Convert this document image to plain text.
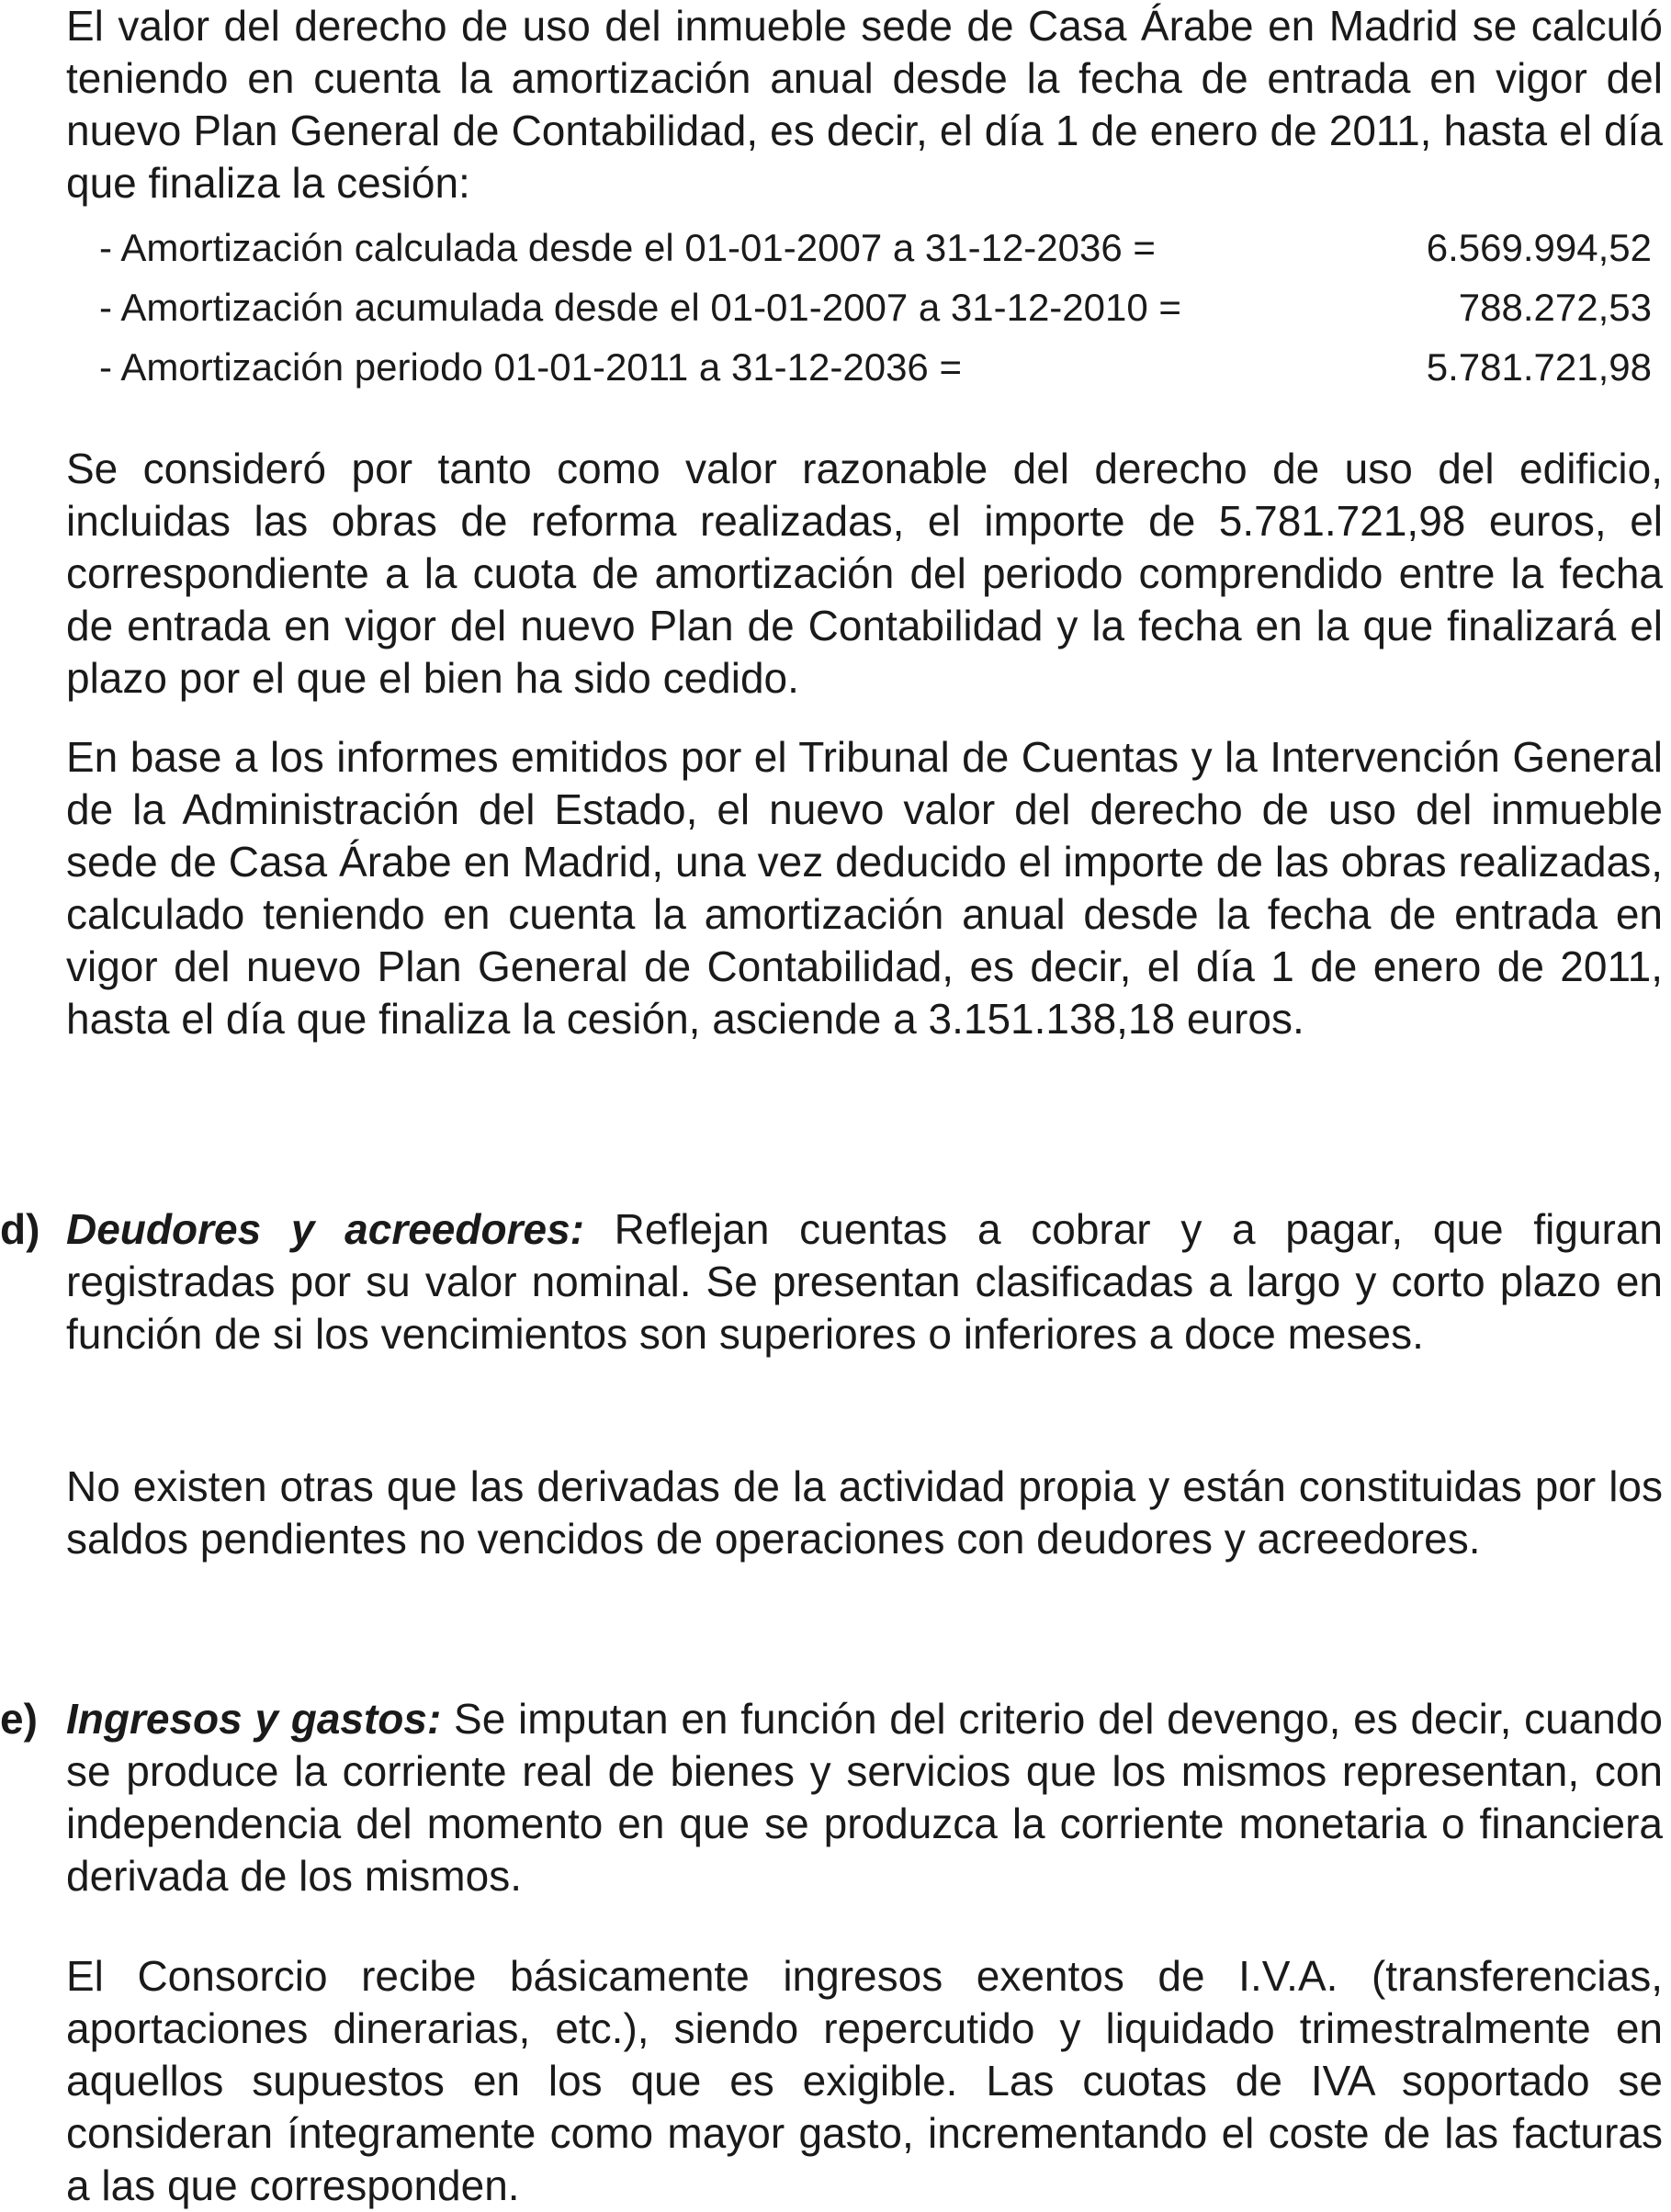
El valor del derecho de uso del inmueble sede de Casa Árabe en Madrid se calculó teniendo en cuenta la amortización anual desde la fecha de entrada en vigor del nuevo Plan General de Contabilidad, es decir, el día 1 de enero de 2011, hasta el día que finaliza la cesión:

- Amortización calculada desde el 01-01-2007 a 31-12-2036 =	6.569.994,52
- Amortización acumulada desde el 01-01-2007 a 31-12-2010 =	788.272,53
- Amortización periodo 01-01-2011 a 31-12-2036 =	5.781.721,98

Se consideró por tanto como valor razonable del derecho de uso del edificio, incluidas las obras de reforma realizadas, el importe de 5.781.721,98 euros, el correspondiente a la cuota de amortización del periodo comprendido entre la fecha de entrada en vigor del nuevo Plan de Contabilidad y la fecha en la que finalizará el plazo por el que el bien ha sido cedido.

En base a los informes emitidos por el Tribunal de Cuentas y la Intervención General de la Administración del Estado, el nuevo valor del derecho de uso del inmueble sede de Casa Árabe en Madrid, una vez deducido el importe de las obras realizadas, calculado teniendo en cuenta la amortización anual desde la fecha de entrada en vigor del nuevo Plan General de Contabilidad, es decir, el día 1 de enero de 2011, hasta el día que finaliza la cesión, asciende a 3.151.138,18 euros.

d) Deudores y acreedores: Reflejan cuentas a cobrar y a pagar, que figuran registradas por su valor nominal. Se presentan clasificadas a largo y corto plazo en función de si los vencimientos son superiores o inferiores a doce meses.

No existen otras que las derivadas de la actividad propia y están constituidas por los saldos pendientes no vencidos de operaciones con deudores y acreedores.

e) Ingresos y gastos: Se imputan en función del criterio del devengo, es decir, cuando se produce la corriente real de bienes y servicios que los mismos representan, con independencia del momento en que se produzca la corriente monetaria o financiera derivada de los mismos.

El Consorcio recibe básicamente ingresos exentos de I.V.A. (transferencias, aportaciones dinerarias, etc.), siendo repercutido y liquidado trimestralmente en aquellos supuestos en los que es exigible. Las cuotas de IVA soportado se consideran íntegramente como mayor gasto, incrementando el coste de las facturas a las que corresponden.
